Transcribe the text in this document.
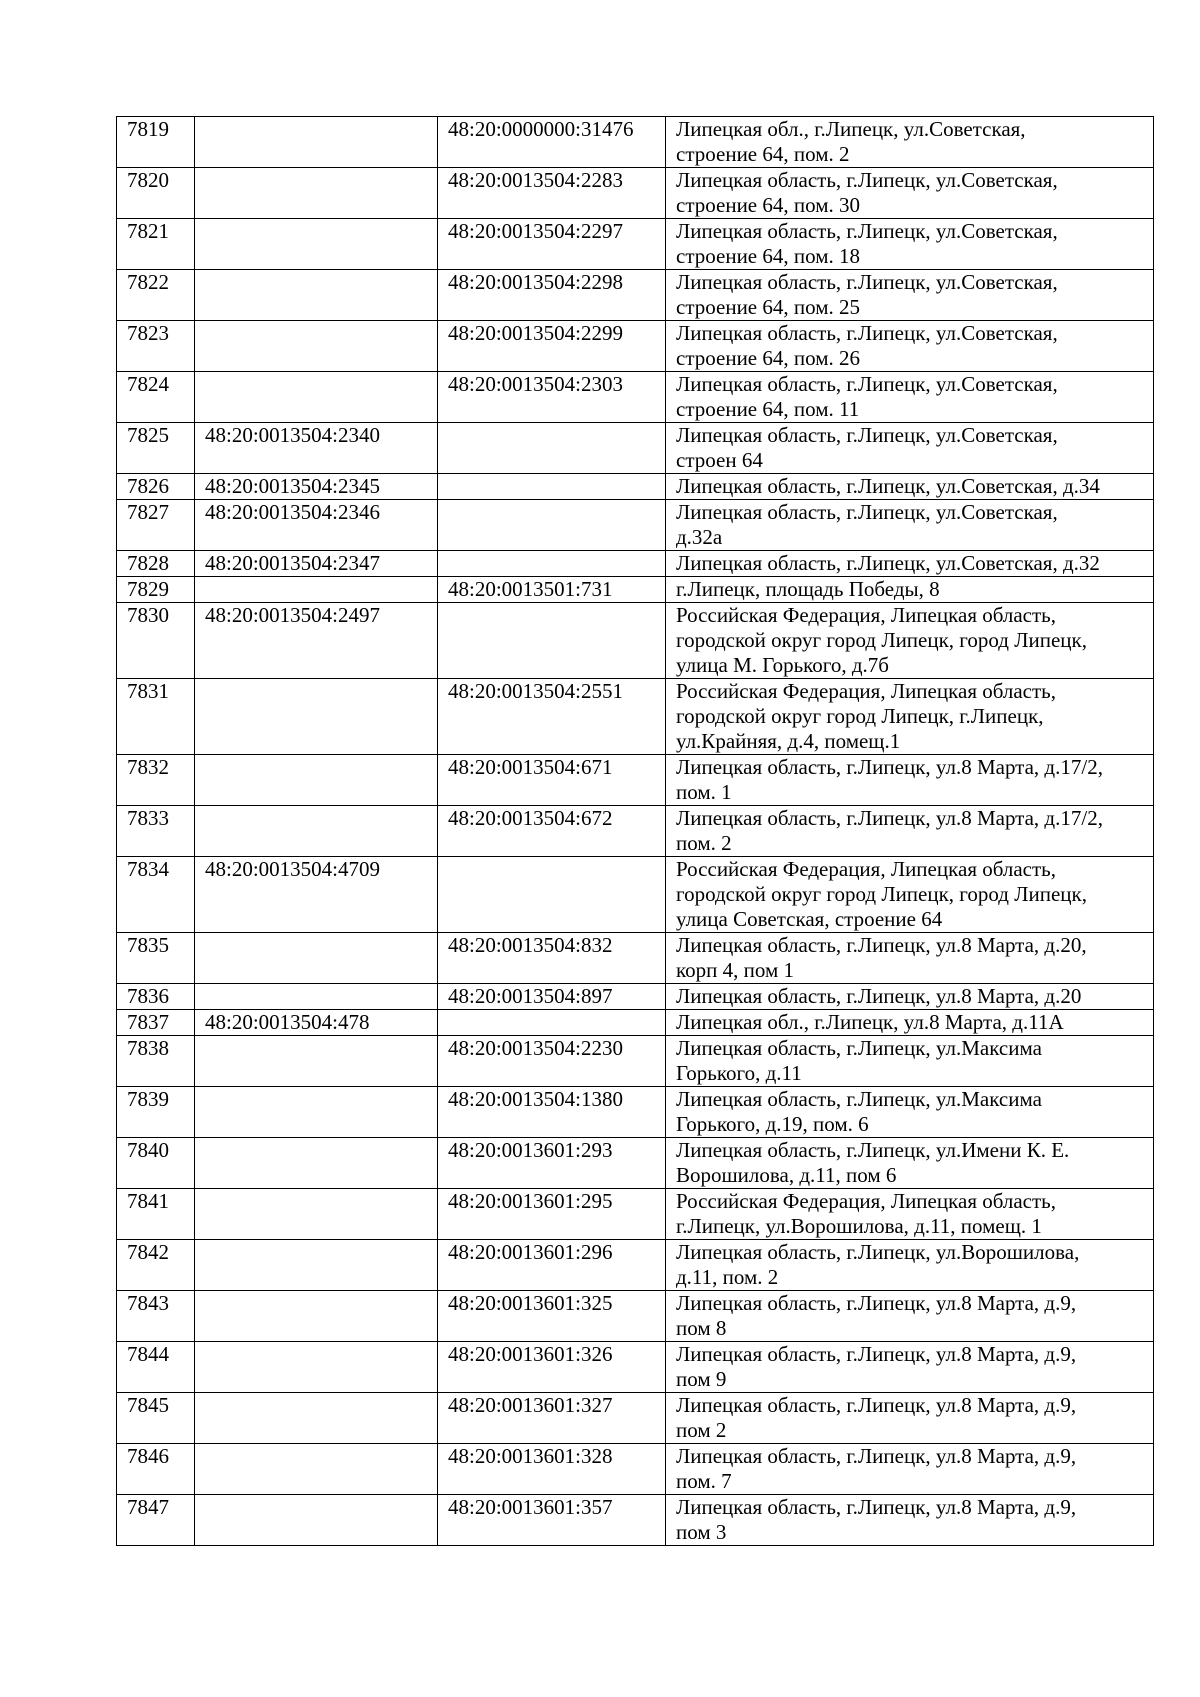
7819		48:20:0000000:31476	Липецкая обл., г.Липецк, ул.Советская,
строение 64, пом. 2
7820		48:20:0013504:2283	Липецкая область, г.Липецк, ул.Советская,
строение 64, пом. 30
7821		48:20:0013504:2297	Липецкая область, г.Липецк, ул.Советская,
строение 64, пом. 18
7822		48:20:0013504:2298	Липецкая область, г.Липецк, ул.Советская,
строение 64, пом. 25
7823		48:20:0013504:2299	Липецкая область, г.Липецк, ул.Советская,
строение 64, пом. 26
7824		48:20:0013504:2303	Липецкая область, г.Липецк, ул.Советская,
строение 64, пом. 11
7825	48:20:0013504:2340		Липецкая область, г.Липецк, ул.Советская,
строен 64
7826	48:20:0013504:2345		Липецкая область, г.Липецк, ул.Советская, д.34
7827	48:20:0013504:2346		Липецкая область, г.Липецк, ул.Советская,
д.32а
7828	48:20:0013504:2347		Липецкая область, г.Липецк, ул.Советская, д.32
7829		48:20:0013501:731	г.Липецк, площадь Победы, 8
7830	48:20:0013504:2497		Российская Федерация, Липецкая область,
городской округ город Липецк, город Липецк,
улица М. Горького, д.7б
7831		48:20:0013504:2551	Российская Федерация, Липецкая область,
городской округ город Липецк, г.Липецк,
ул.Крайняя, д.4, помещ.1
7832		48:20:0013504:671	Липецкая область, г.Липецк, ул.8 Марта, д.17/2,
пом. 1
7833		48:20:0013504:672	Липецкая область, г.Липецк, ул.8 Марта, д.17/2,
пом. 2
7834	48:20:0013504:4709		Российская Федерация, Липецкая область,
городской округ город Липецк, город Липецк,
улица Советская, строение 64
7835		48:20:0013504:832	Липецкая область, г.Липецк, ул.8 Марта, д.20,
корп 4, пом 1
7836		48:20:0013504:897	Липецкая область, г.Липецк, ул.8 Марта, д.20
7837	48:20:0013504:478		Липецкая обл., г.Липецк, ул.8 Марта, д.11А
7838		48:20:0013504:2230	Липецкая область, г.Липецк, ул.Максима
Горького, д.11
7839		48:20:0013504:1380	Липецкая область, г.Липецк, ул.Максима
Горького, д.19, пом. 6
7840		48:20:0013601:293	Липецкая область, г.Липецк, ул.Имени К. Е.
Ворошилова, д.11, пом 6
7841		48:20:0013601:295	Российская Федерация, Липецкая область,
г.Липецк, ул.Ворошилова, д.11, помещ. 1
7842		48:20:0013601:296	Липецкая область, г.Липецк, ул.Ворошилова,
д.11, пом. 2
7843		48:20:0013601:325	Липецкая область, г.Липецк, ул.8 Марта, д.9,
пом 8
7844		48:20:0013601:326	Липецкая область, г.Липецк, ул.8 Марта, д.9,
пом 9
7845		48:20:0013601:327	Липецкая область, г.Липецк, ул.8 Марта, д.9,
пом 2
7846		48:20:0013601:328	Липецкая область, г.Липецк, ул.8 Марта, д.9,
пом. 7
7847		48:20:0013601:357	Липецкая область, г.Липецк, ул.8 Марта, д.9,
пом 3
